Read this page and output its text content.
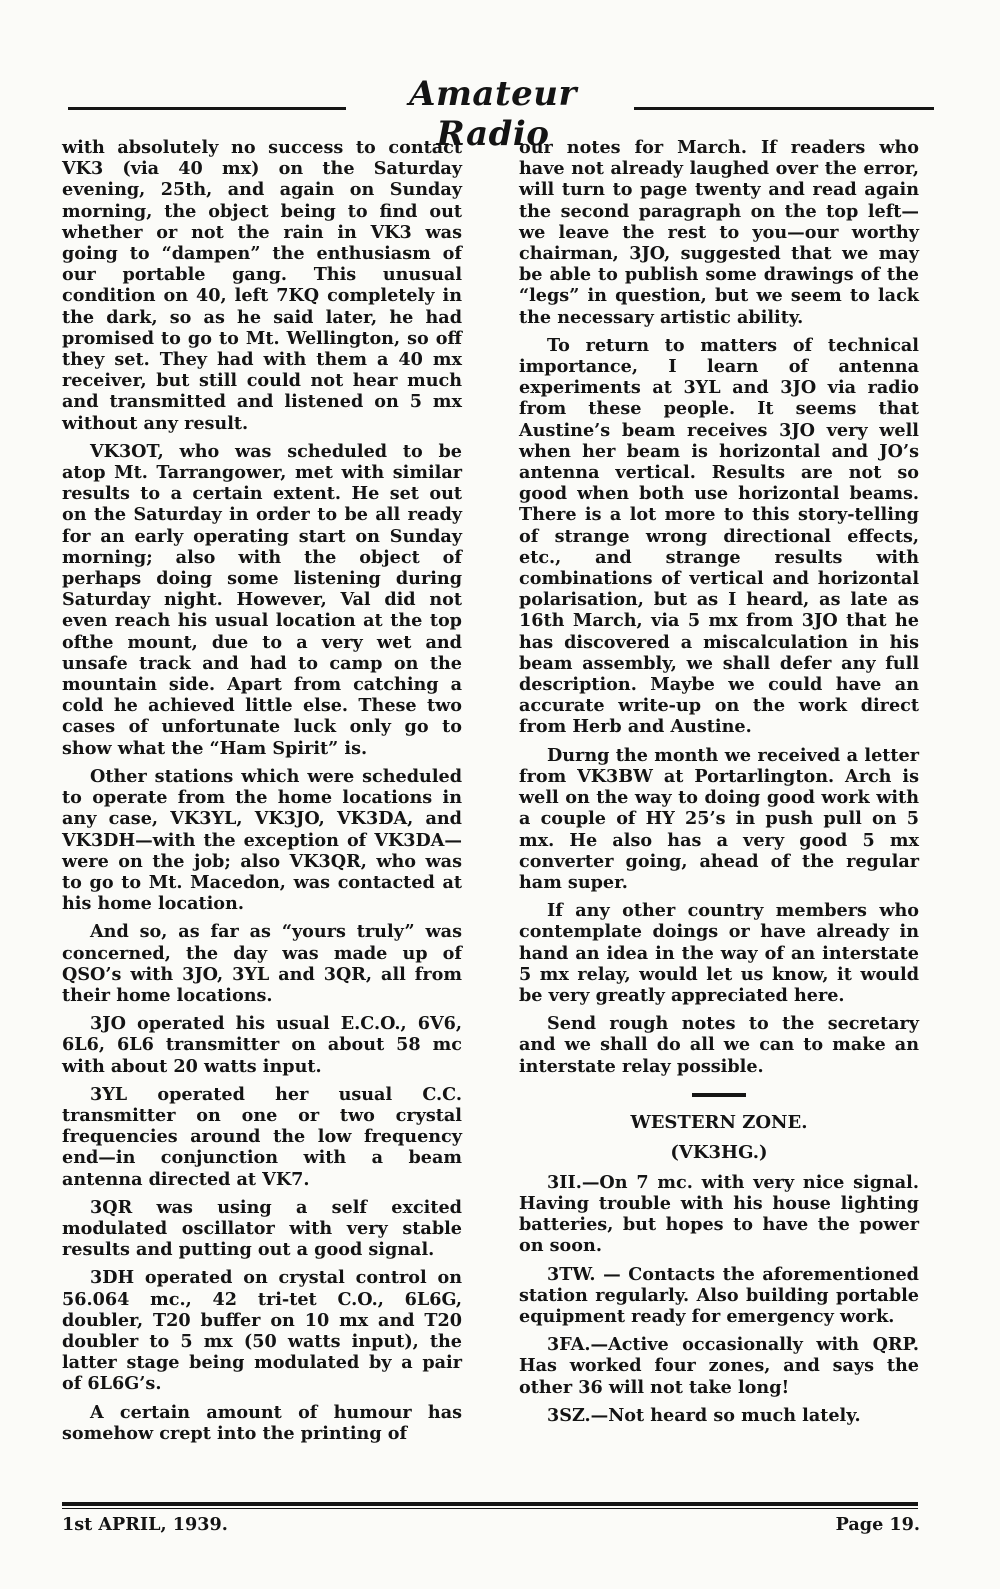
Amateur Radio

with absolutely no success to contact VK3 (via 40 mx) on the Saturday evening, 25th, and again on Sunday morning, the object being to find out whether or not the rain in VK3 was going to “dampen” the enthusiasm of our portable gang. This unusual condition on 40, left 7KQ completely in the dark, so as he said later, he had promised to go to Mt. Wellington, so off they set. They had with them a 40 mx receiver, but still could not hear much and transmitted and listened on 5 mx without any result.

VK3OT, who was scheduled to be atop Mt. Tarrangower, met with similar results to a certain extent. He set out on the Saturday in order to be all ready for an early operating start on Sunday morning; also with the object of perhaps doing some listening during Saturday night. However, Val did not even reach his usual location at the top ofthe mount, due to a very wet and unsafe track and had to camp on the mountain side. Apart from catching a cold he achieved little else. These two cases of unfortunate luck only go to show what the “Ham Spirit” is.

Other stations which were scheduled to operate from the home locations in any case, VK3YL, VK3JO, VK3DA, and VK3DH—with the exception of VK3DA—were on the job; also VK3QR, who was to go to Mt. Macedon, was contacted at his home location.

And so, as far as “yours truly” was concerned, the day was made up of QSO’s with 3JO, 3YL and 3QR, all from their home locations.

3JO operated his usual E.C.O., 6V6, 6L6, 6L6 transmitter on about 58 mc with about 20 watts input.

3YL operated her usual C.C. transmitter on one or two crystal frequencies around the low frequency end—in conjunction with a beam antenna directed at VK7.

3QR was using a self excited modulated oscillator with very stable results and putting out a good signal.

3DH operated on crystal control on 56.064 mc., 42 tri-tet C.O., 6L6G, doubler, T20 buffer on 10 mx and T20 doubler to 5 mx (50 watts input), the latter stage being modulated by a pair of 6L6G’s.

A certain amount of humour has somehow crept into the printing of

our notes for March. If readers who have not already laughed over the error, will turn to page twenty and read again the second paragraph on the top left—we leave the rest to you—our worthy chairman, 3JO, suggested that we may be able to publish some drawings of the “legs” in question, but we seem to lack the necessary artistic ability.

To return to matters of technical importance, I learn of antenna experiments at 3YL and 3JO via radio from these people. It seems that Austine’s beam receives 3JO very well when her beam is horizontal and JO’s antenna vertical. Results are not so good when both use horizontal beams. There is a lot more to this story-telling of strange wrong directional effects, etc., and strange results with combinations of vertical and horizontal polarisation, but as I heard, as late as 16th March, via 5 mx from 3JO that he has discovered a miscalculation in his beam assembly, we shall defer any full description. Maybe we could have an accurate write-up on the work direct from Herb and Austine.

Durng the month we received a letter from VK3BW at Portarlington. Arch is well on the way to doing good work with a couple of HY 25’s in push pull on 5 mx. He also has a very good 5 mx converter going, ahead of the regular ham super.

If any other country members who contemplate doings or have already in hand an idea in the way of an interstate 5 mx relay, would let us know, it would be very greatly appreciated here.

Send rough notes to the secretary and we shall do all we can to make an interstate relay possible.

WESTERN ZONE.

(VK3HG.)

3II.—On 7 mc. with very nice signal. Having trouble with his house lighting batteries, but hopes to have the power on soon.

3TW. — Contacts the aforementioned station regularly. Also building portable equipment ready for emergency work.

3FA.—Active occasionally with QRP. Has worked four zones, and says the other 36 will not take long!

3SZ.—Not heard so much lately.

1st APRIL, 1939.	Page 19.
